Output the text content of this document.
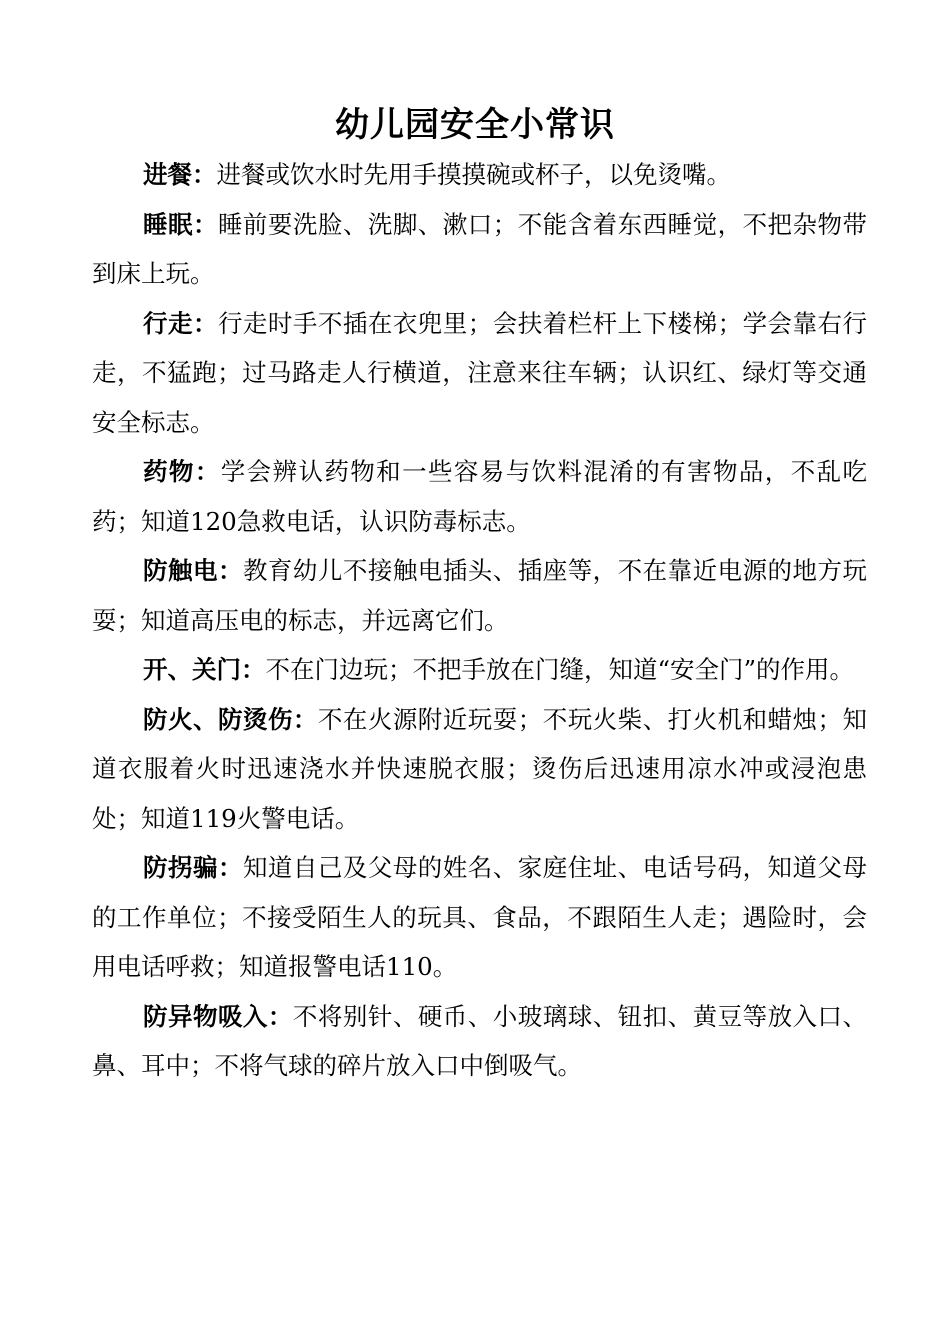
幼儿园安全小常识

进餐：进餐或饮水时先用手摸摸碗或杯子，以免烫嘴。

睡眠：睡前要洗脸、洗脚、漱口；不能含着东西睡觉，不把杂物带到床上玩。

行走：行走时手不插在衣兜里；会扶着栏杆上下楼梯；学会靠右行走，不猛跑；过马路走人行横道，注意来往车辆；认识红、绿灯等交通安全标志。

药物：学会辨认药物和一些容易与饮料混淆的有害物品，不乱吃药；知道120急救电话，认识防毒标志。

防触电：教育幼儿不接触电插头、插座等，不在靠近电源的地方玩耍；知道高压电的标志，并远离它们。

开、关门：不在门边玩；不把手放在门缝，知道“安全门”的作用。

防火、防烫伤：不在火源附近玩耍；不玩火柴、打火机和蜡烛；知道衣服着火时迅速浇水并快速脱衣服；烫伤后迅速用凉水冲或浸泡患处；知道119火警电话。

防拐骗：知道自己及父母的姓名、家庭住址、电话号码，知道父母的工作单位；不接受陌生人的玩具、食品，不跟陌生人走；遇险时，会用电话呼救；知道报警电话110。

防异物吸入：不将别针、硬币、小玻璃球、钮扣、黄豆等放入口、鼻、耳中；不将气球的碎片放入口中倒吸气。
